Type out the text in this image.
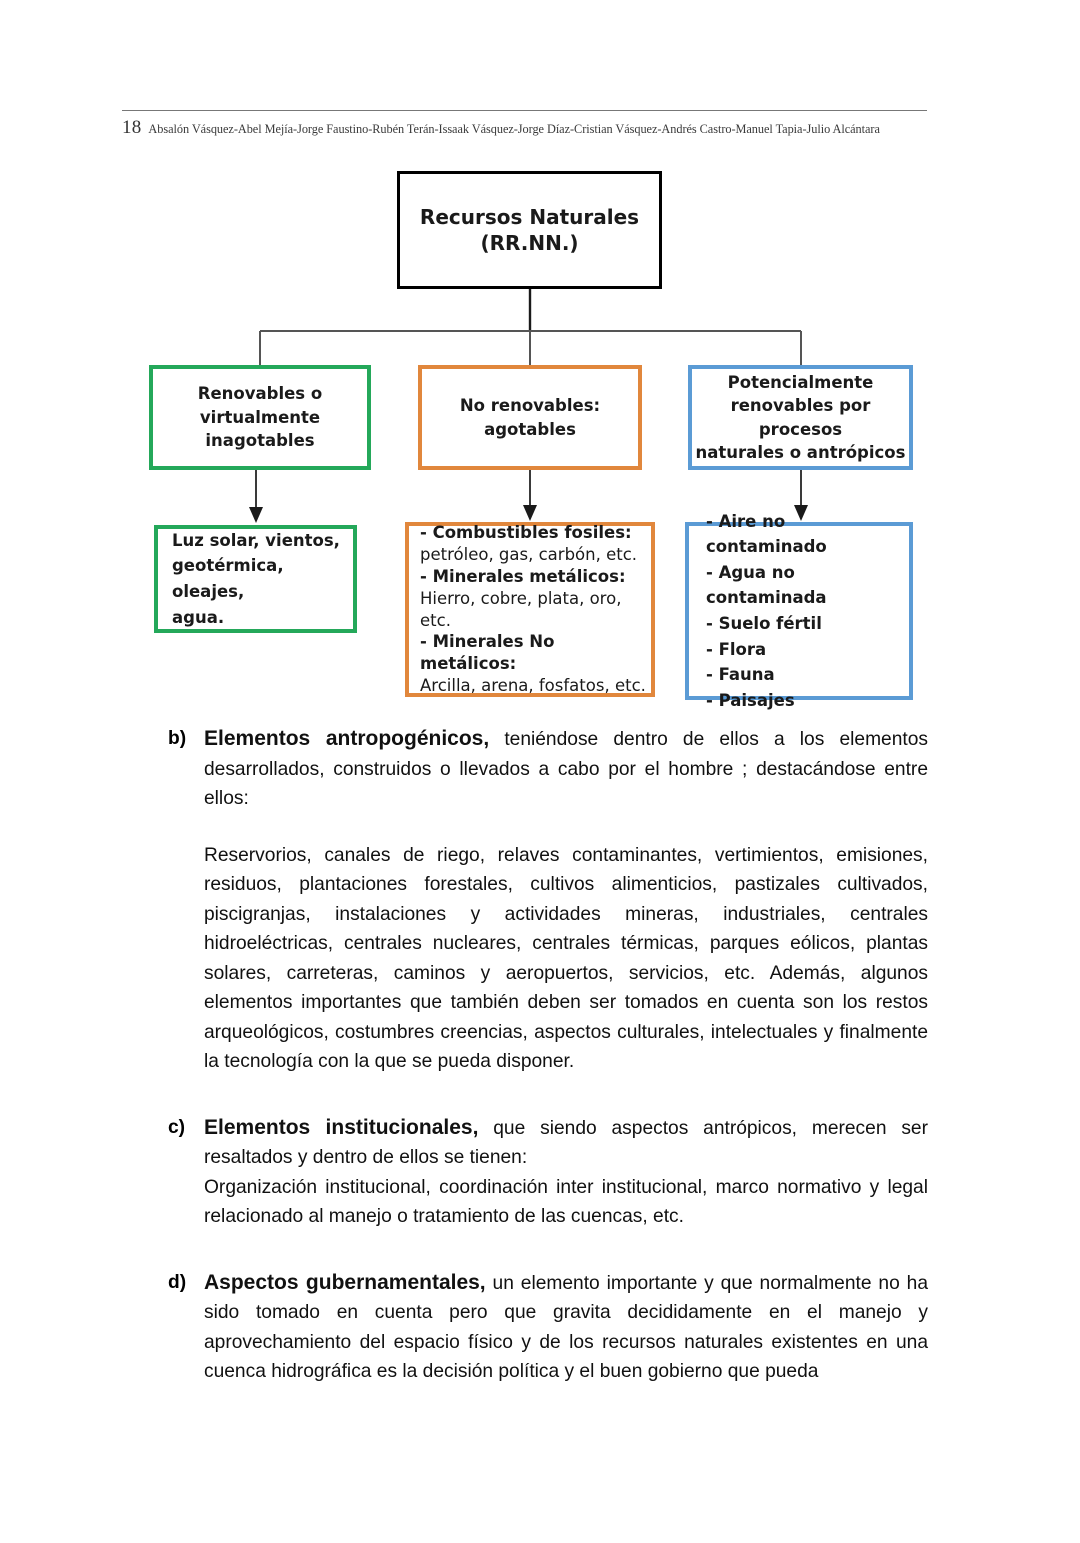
18 Absalón Vásquez-Abel Mejía-Jorge Faustino-Rubén Terán-Issaak Vásquez-Jorge Díaz-Cristian Vásquez-Andrés Castro-Manuel Tapia-Julio Alcántara
Recursos Naturales
(RR.NN.)
Renovables o
virtualmente
inagotables
No renovables:
agotables
Potencialmente
renovables por procesos
naturales o antrópicos
Luz solar, vientos,
geotérmica, oleajes,
agua.
- Combustibles fosiles:
petróleo, gas, carbón, etc.
- Minerales metálicos:
Hierro, cobre, plata, oro, etc.
- Minerales No metálicos:
Arcilla, arena, fosfatos, etc.
- Aire no contaminado
- Agua no contaminada
- Suelo fértil
- Flora
- Fauna
- Paisajes
b) Elementos antropogénicos, teniéndose dentro de ellos a los elementos desarrollados, construidos o llevados a cabo por el hombre ; destacándose entre ellos:

Reservorios, canales de riego, relaves contaminantes, vertimientos, emisiones, residuos, plantaciones forestales, cultivos alimenticios, pastizales cultivados, piscigranjas, instalaciones y actividades mineras, industriales, centrales hidroeléctricas, centrales nucleares, centrales térmicas, parques eólicos, plantas solares, carreteras, caminos y aeropuertos, servicios, etc. Además, algunos elementos importantes que también deben ser tomados en cuenta son los restos arqueológicos, costumbres creencias, aspectos culturales, intelectuales y finalmente la tecnología con la que se pueda disponer.

c) Elementos institucionales, que siendo aspectos antrópicos, merecen ser resaltados y dentro de ellos se tienen:

Organización institucional, coordinación inter institucional, marco normativo y legal relacionado al manejo o tratamiento de las cuencas, etc.

d) Aspectos gubernamentales, un elemento importante y que normalmente no ha sido tomado en cuenta pero que gravita decididamente en el manejo y aprovechamiento del espacio físico y de los recursos naturales existentes en una cuenca hidrográfica es la decisión política y el buen gobierno que pueda
